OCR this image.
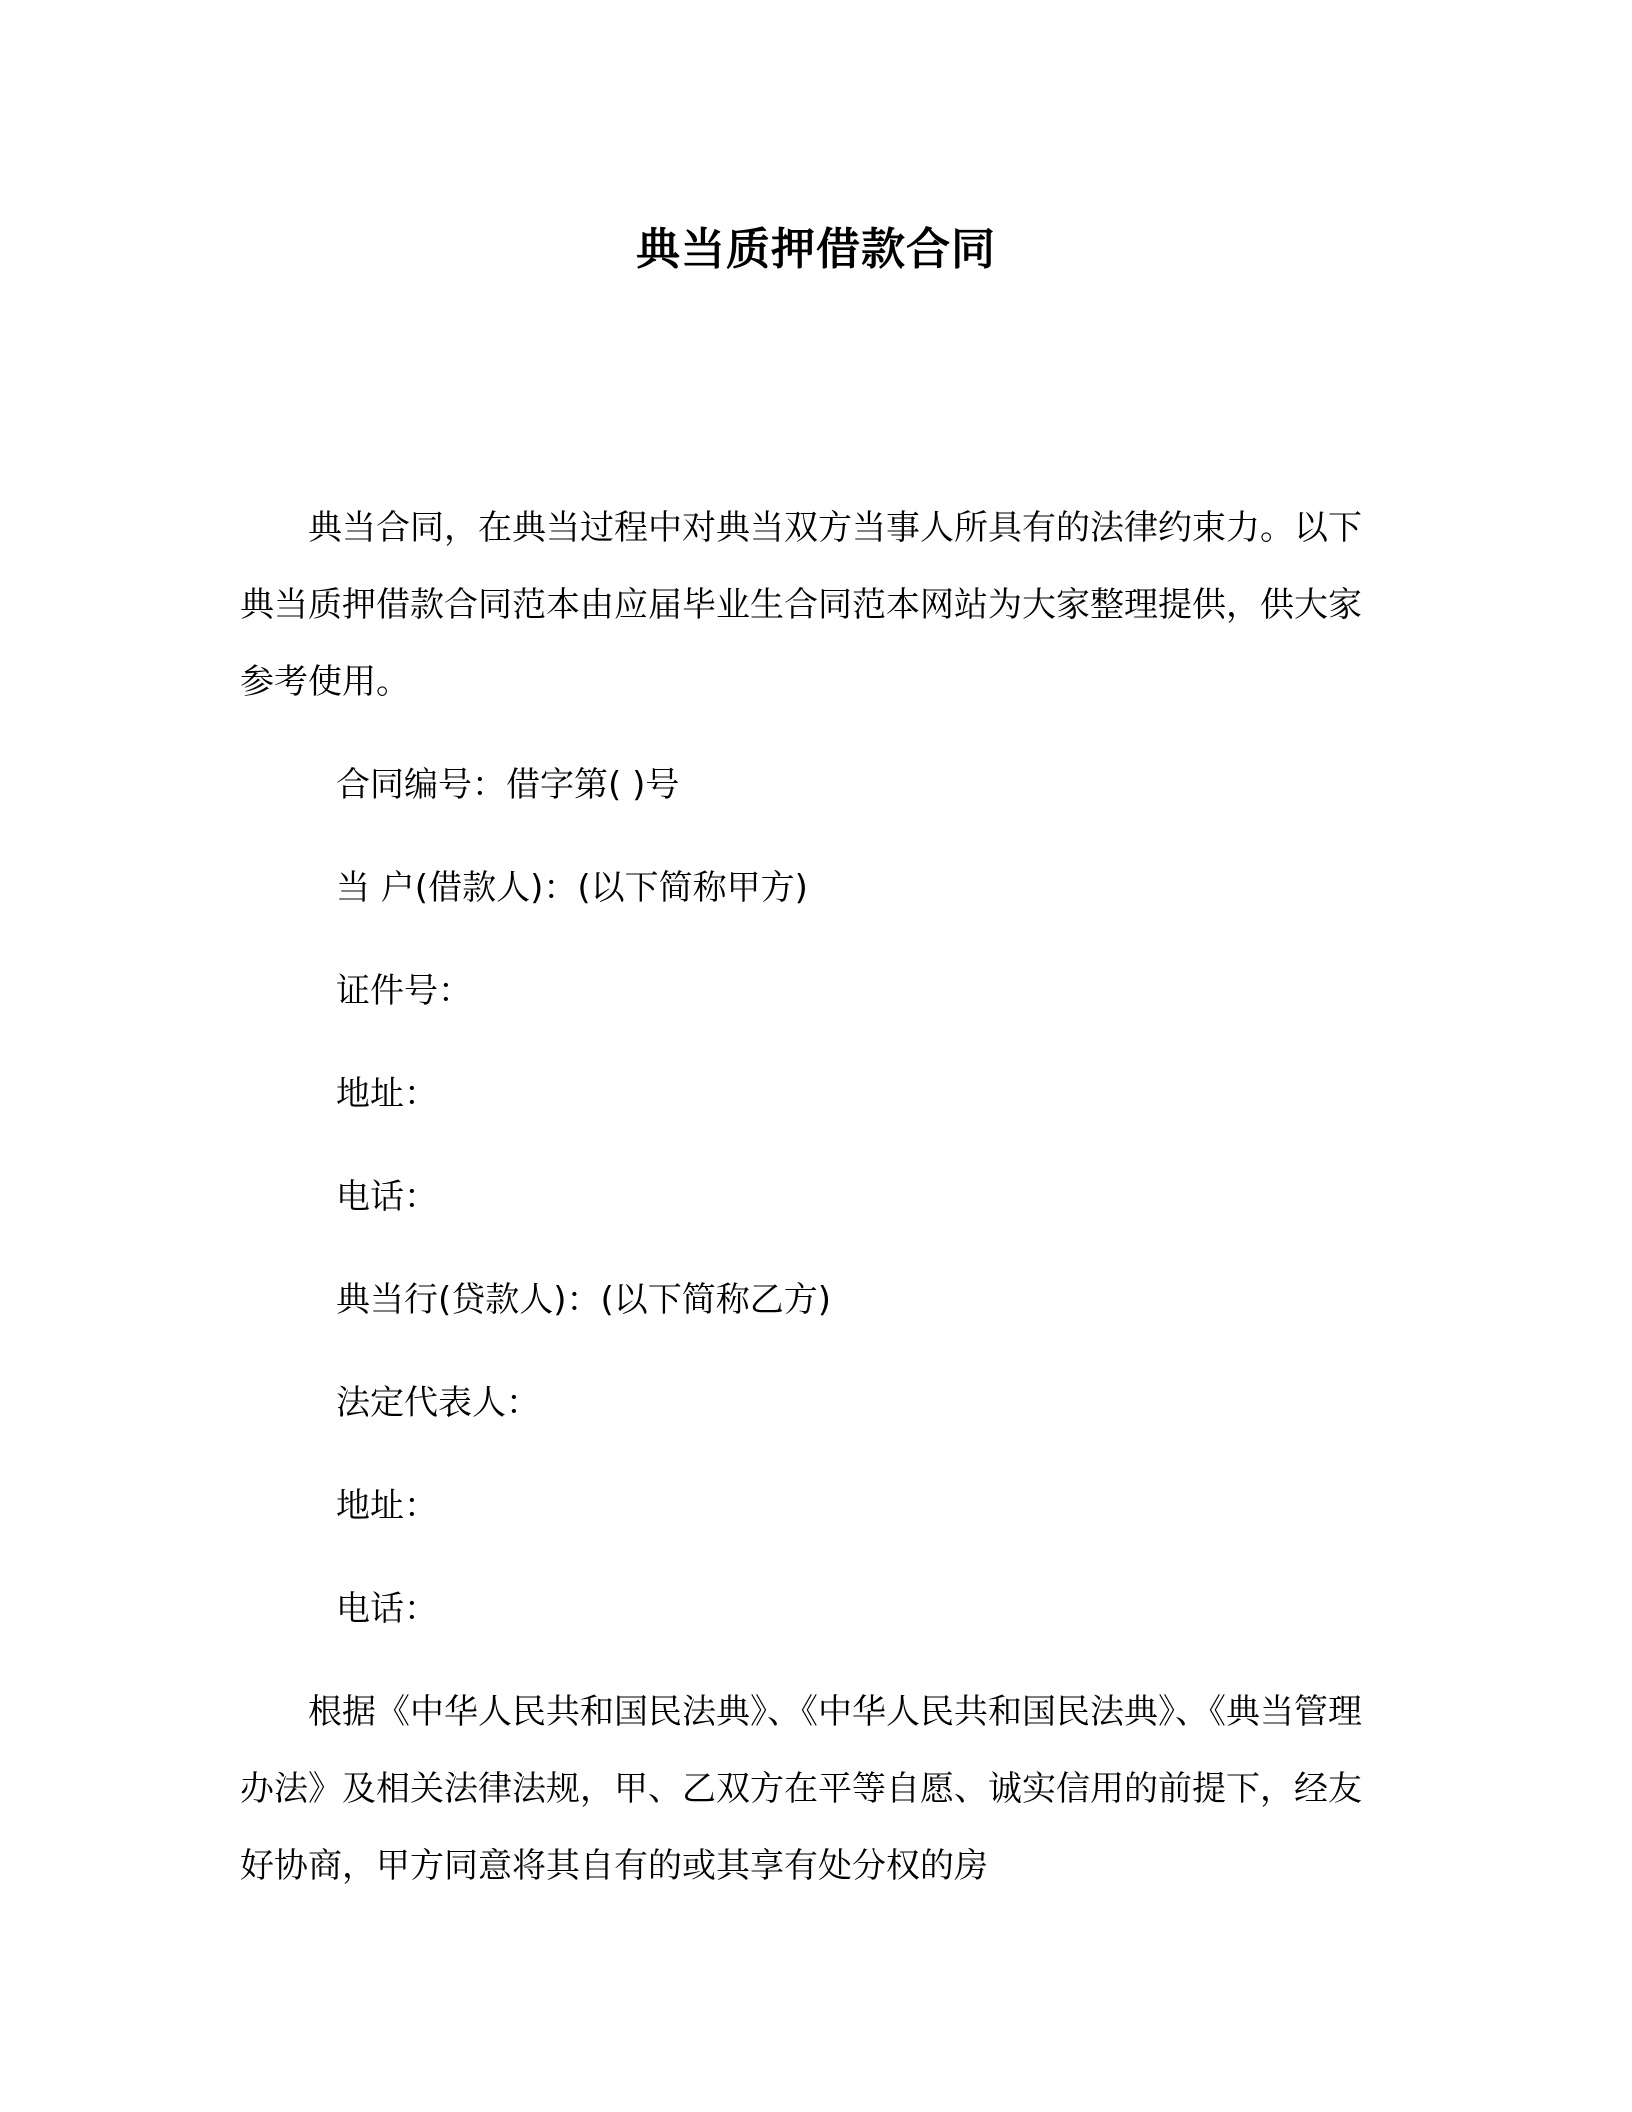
典当质押借款合同

典当合同，在典当过程中对典当双方当事人所具有的法律约束力。以下典当质押借款合同范本由应届毕业生合同范本网站为大家整理提供，供大家参考使用。

合同编号：借字第( )号
当 户(借款人)：(以下简称甲方)
证件号：
地址：
电话：
典当行(贷款人)：(以下简称乙方)
法定代表人：
地址：
电话：

根据《中华人民共和国民法典》、《中华人民共和国民法典》、《典当管理办法》及相关法律法规，甲、乙双方在平等自愿、诚实信用的前提下，经友好协商，甲方同意将其自有的或其享有处分权的房
